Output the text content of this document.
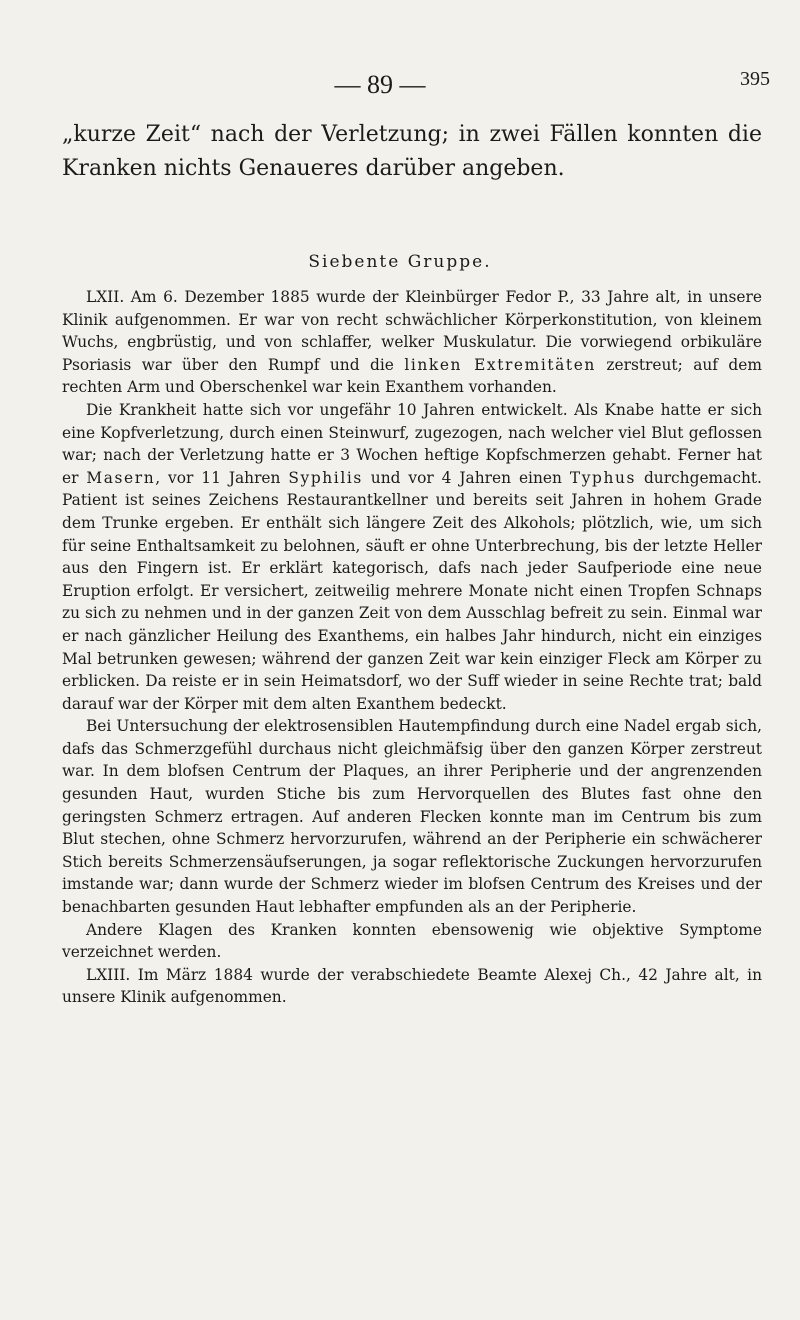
— 89 —	395
„kurze Zeit“ nach der Verletzung; in zwei Fällen konnten die Kranken nichts Genaueres darüber angeben.
Siebente Gruppe.

LXII. Am 6. Dezember 1885 wurde der Kleinbürger Fedor P., 33 Jahre alt, in unsere Klinik aufgenommen. Er war von recht schwächlicher Körperkonstitution, von kleinem Wuchs, engbrüstig, und von schlaffer, welker Muskulatur. Die vorwiegend orbikuläre Psoriasis war über den Rumpf und die linken Extremitäten zerstreut; auf dem rechten Arm und Oberschenkel war kein Exanthem vorhanden.

Die Krankheit hatte sich vor ungefähr 10 Jahren entwickelt. Als Knabe hatte er sich eine Kopfverletzung, durch einen Steinwurf, zugezogen, nach welcher viel Blut geflossen war; nach der Verletzung hatte er 3 Wochen heftige Kopfschmerzen gehabt. Ferner hat er Masern, vor 11 Jahren Syphilis und vor 4 Jahren einen Typhus durchgemacht. Patient ist seines Zeichens Restaurantkellner und bereits seit Jahren in hohem Grade dem Trunke ergeben. Er enthält sich längere Zeit des Alkohols; plötzlich, wie, um sich für seine Enthaltsamkeit zu belohnen, säuft er ohne Unterbrechung, bis der letzte Heller aus den Fingern ist. Er erklärt kategorisch, dafs nach jeder Saufperiode eine neue Eruption erfolgt. Er versichert, zeitweilig mehrere Monate nicht einen Tropfen Schnaps zu sich zu nehmen und in der ganzen Zeit von dem Ausschlag befreit zu sein. Einmal war er nach gänzlicher Heilung des Exanthems, ein halbes Jahr hindurch, nicht ein einziges Mal betrunken gewesen; während der ganzen Zeit war kein einziger Fleck am Körper zu erblicken. Da reiste er in sein Heimatsdorf, wo der Suff wieder in seine Rechte trat; bald darauf war der Körper mit dem alten Exanthem bedeckt.

Bei Untersuchung der elektrosensiblen Hautempfindung durch eine Nadel ergab sich, dafs das Schmerzgefühl durchaus nicht gleichmäfsig über den ganzen Körper zerstreut war. In dem blofsen Centrum der Plaques, an ihrer Peripherie und der angrenzenden gesunden Haut, wurden Stiche bis zum Hervorquellen des Blutes fast ohne den geringsten Schmerz ertragen. Auf anderen Flecken konnte man im Centrum bis zum Blut stechen, ohne Schmerz hervorzurufen, während an der Peripherie ein schwächerer Stich bereits Schmerzensäufserungen, ja sogar reflektorische Zuckungen hervorzurufen imstande war; dann wurde der Schmerz wieder im blofsen Centrum des Kreises und der benachbarten gesunden Haut lebhafter empfunden als an der Peripherie.

Andere Klagen des Kranken konnten ebensowenig wie objektive Symptome verzeichnet werden.

LXIII. Im März 1884 wurde der verabschiedete Beamte Alexej Ch., 42 Jahre alt, in unsere Klinik aufgenommen.
